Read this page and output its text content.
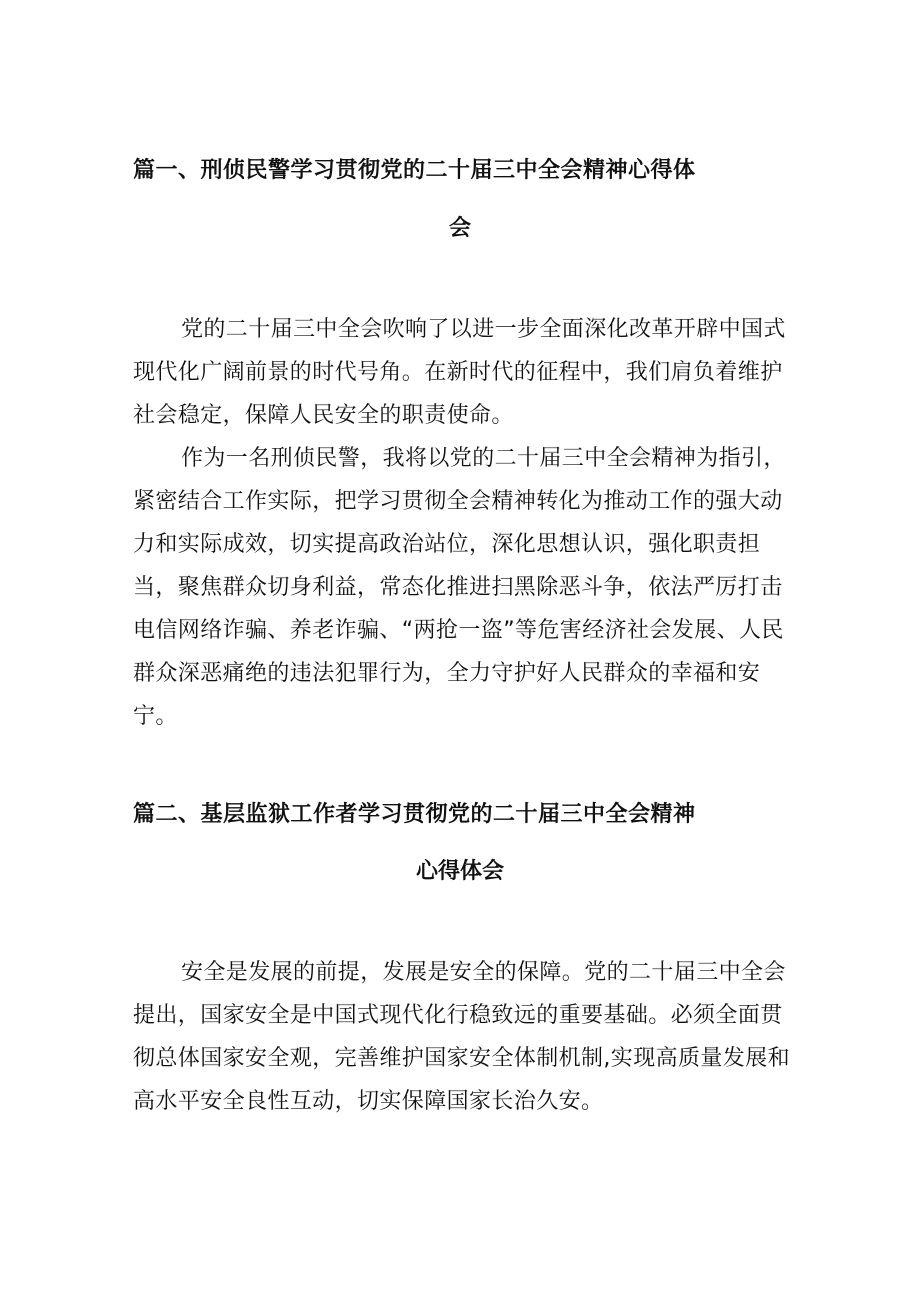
篇一、刑侦民警学习贯彻党的二十届三中全会精神心得体
会

党的二十届三中全会吹响了以进一步全面深化改革开辟中国式现代化广阔前景的时代号角。在新时代的征程中，我们肩负着维护社会稳定，保障人民安全的职责使命。

作为一名刑侦民警，我将以党的二十届三中全会精神为指引，紧密结合工作实际，把学习贯彻全会精神转化为推动工作的强大动力和实际成效，切实提高政治站位，深化思想认识，强化职责担当，聚焦群众切身利益，常态化推进扫黑除恶斗争，依法严厉打击电信网络诈骗、养老诈骗、“两抢一盗”等危害经济社会发展、人民群众深恶痛绝的违法犯罪行为，全力守护好人民群众的幸福和安宁。

篇二、基层监狱工作者学习贯彻党的二十届三中全会精神
心得体会

安全是发展的前提，发展是安全的保障。党的二十届三中全会提出，国家安全是中国式现代化行稳致远的重要基础。必须全面贯彻总体国家安全观，完善维护国家安全体制机制,实现高质量发展和高水平安全良性互动，切实保障国家长治久安。
